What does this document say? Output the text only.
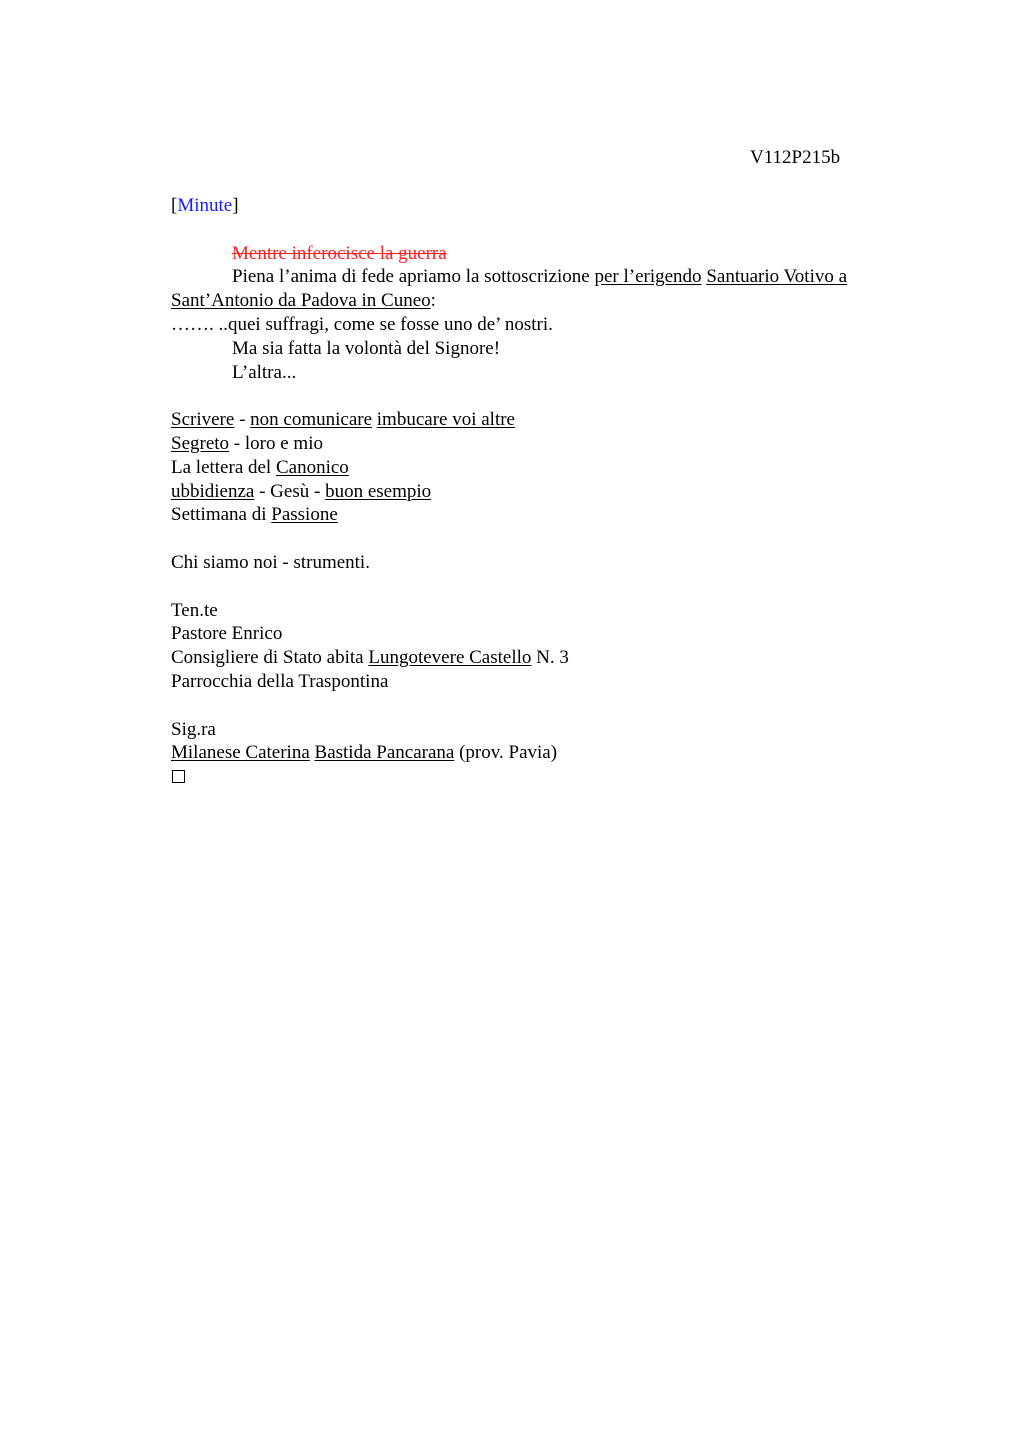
V112P215b
[Minute]
Mentre inferocisce la guerra
Piena l’anima di fede apriamo la sottoscrizione per l’erigendo Santuario Votivo a
Sant’Antonio da Padova in Cuneo:
……. ..quei suffragi, come se fosse uno de’ nostri.
Ma sia fatta la volontà del Signore!
L’altra...
Scrivere - non comunicare imbucare voi altre
Segreto - loro e mio
La lettera del Canonico
ubbidienza - Gesù - buon esempio
Settimana di Passione
Chi siamo noi - strumenti.
Ten.te
Pastore Enrico
Consigliere di Stato abita Lungotevere Castello N. 3
Parrocchia della Traspontina
Sig.ra
Milanese Caterina Bastida Pancarana (prov. Pavia)
